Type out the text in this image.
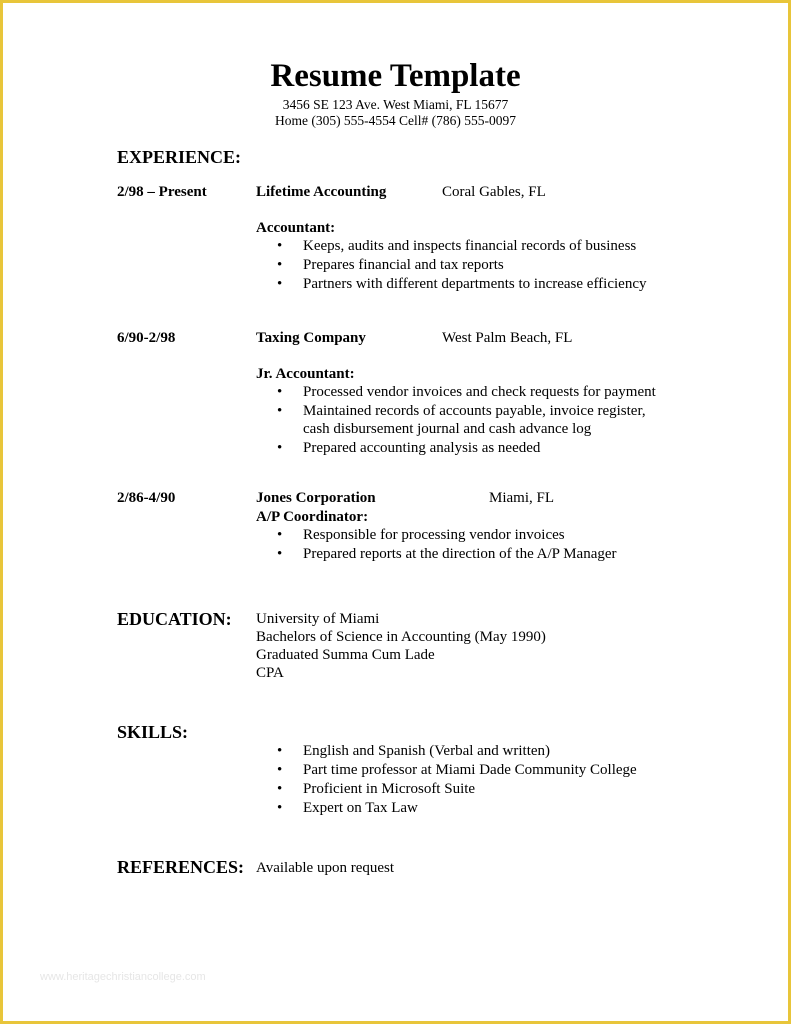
Resume Template
3456 SE 123 Ave. West Miami, FL 15677
Home (305) 555-4554 Cell# (786) 555-0097
EXPERIENCE:
2/98 – Present	Lifetime Accounting	Coral Gables, FL
Accountant:
• Keeps, audits and inspects financial records of business
• Prepares financial and tax reports
• Partners with different departments to increase efficiency
6/90-2/98	Taxing Company	West Palm Beach, FL
Jr. Accountant:
• Processed vendor invoices and check requests for payment
• Maintained records of accounts payable, invoice register,
cash disbursement journal and cash advance log
• Prepared accounting analysis as needed
2/86-4/90	Jones Corporation	Miami, FL
A/P Coordinator:
• Responsible for processing vendor invoices
• Prepared reports at the direction of the A/P Manager
EDUCATION: University of Miami
Bachelors of Science in Accounting (May 1990)
Graduated Summa Cum Lade
CPA
SKILLS:
• English and Spanish (Verbal and written)
• Part time professor at Miami Dade Community College
• Proficient in Microsoft Suite
• Expert on Tax Law
REFERENCES: Available upon request
www.heritagechristiancollege.com
